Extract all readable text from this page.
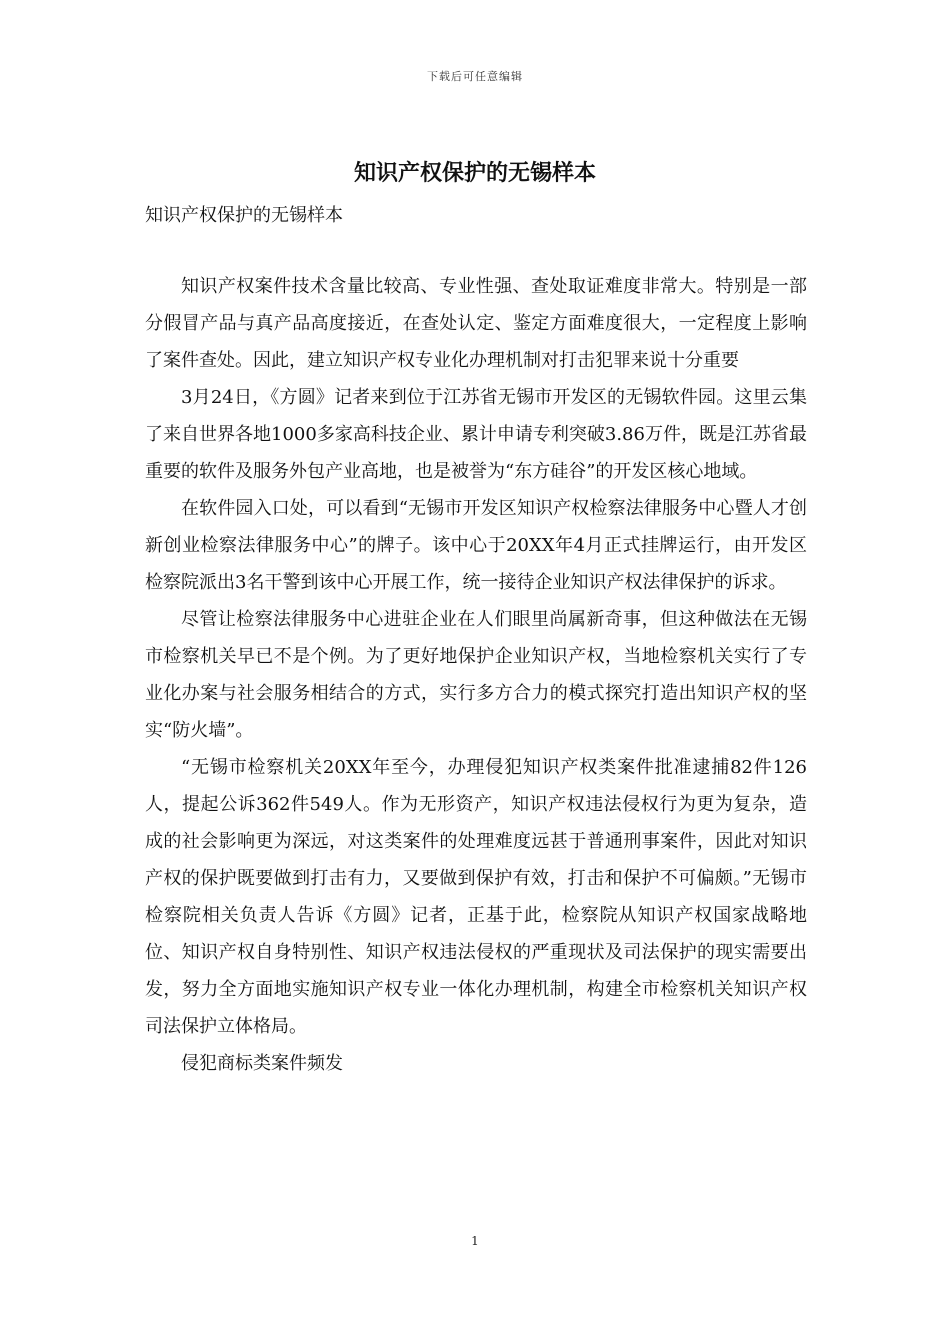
下载后可任意编辑
知识产权保护的无锡样本

知识产权保护的无锡样本

知识产权案件技术含量比较高、专业性强、查处取证难度非常大。特别是一部分假冒产品与真产品高度接近，在查处认定、鉴定方面难度很大，一定程度上影响了案件查处。因此，建立知识产权专业化办理机制对打击犯罪来说十分重要

3月24日，《方圆》记者来到位于江苏省无锡市开发区的无锡软件园。这里云集了来自世界各地1000多家高科技企业、累计申请专利突破3.86万件，既是江苏省最重要的软件及服务外包产业高地，也是被誉为“东方硅谷”的开发区核心地域。

在软件园入口处，可以看到“无锡市开发区知识产权检察法律服务中心暨人才创新创业检察法律服务中心”的牌子。该中心于20XX年4月正式挂牌运行，由开发区检察院派出3名干警到该中心开展工作，统一接待企业知识产权法律保护的诉求。

尽管让检察法律服务中心进驻企业在人们眼里尚属新奇事，但这种做法在无锡市检察机关早已不是个例。为了更好地保护企业知识产权，当地检察机关实行了专业化办案与社会服务相结合的方式，实行多方合力的模式探究打造出知识产权的坚实“防火墙”。

“无锡市检察机关20XX年至今，办理侵犯知识产权类案件批准逮捕82件126人，提起公诉362件549人。作为无形资产，知识产权违法侵权行为更为复杂，造成的社会影响更为深远，对这类案件的处理难度远甚于普通刑事案件，因此对知识产权的保护既要做到打击有力，又要做到保护有效，打击和保护不可偏颇。”无锡市检察院相关负责人告诉《方圆》记者，正基于此，检察院从知识产权国家战略地位、知识产权自身特别性、知识产权违法侵权的严重现状及司法保护的现实需要出发，努力全方面地实施知识产权专业一体化办理机制，构建全市检察机关知识产权司法保护立体格局。

侵犯商标类案件频发

1
